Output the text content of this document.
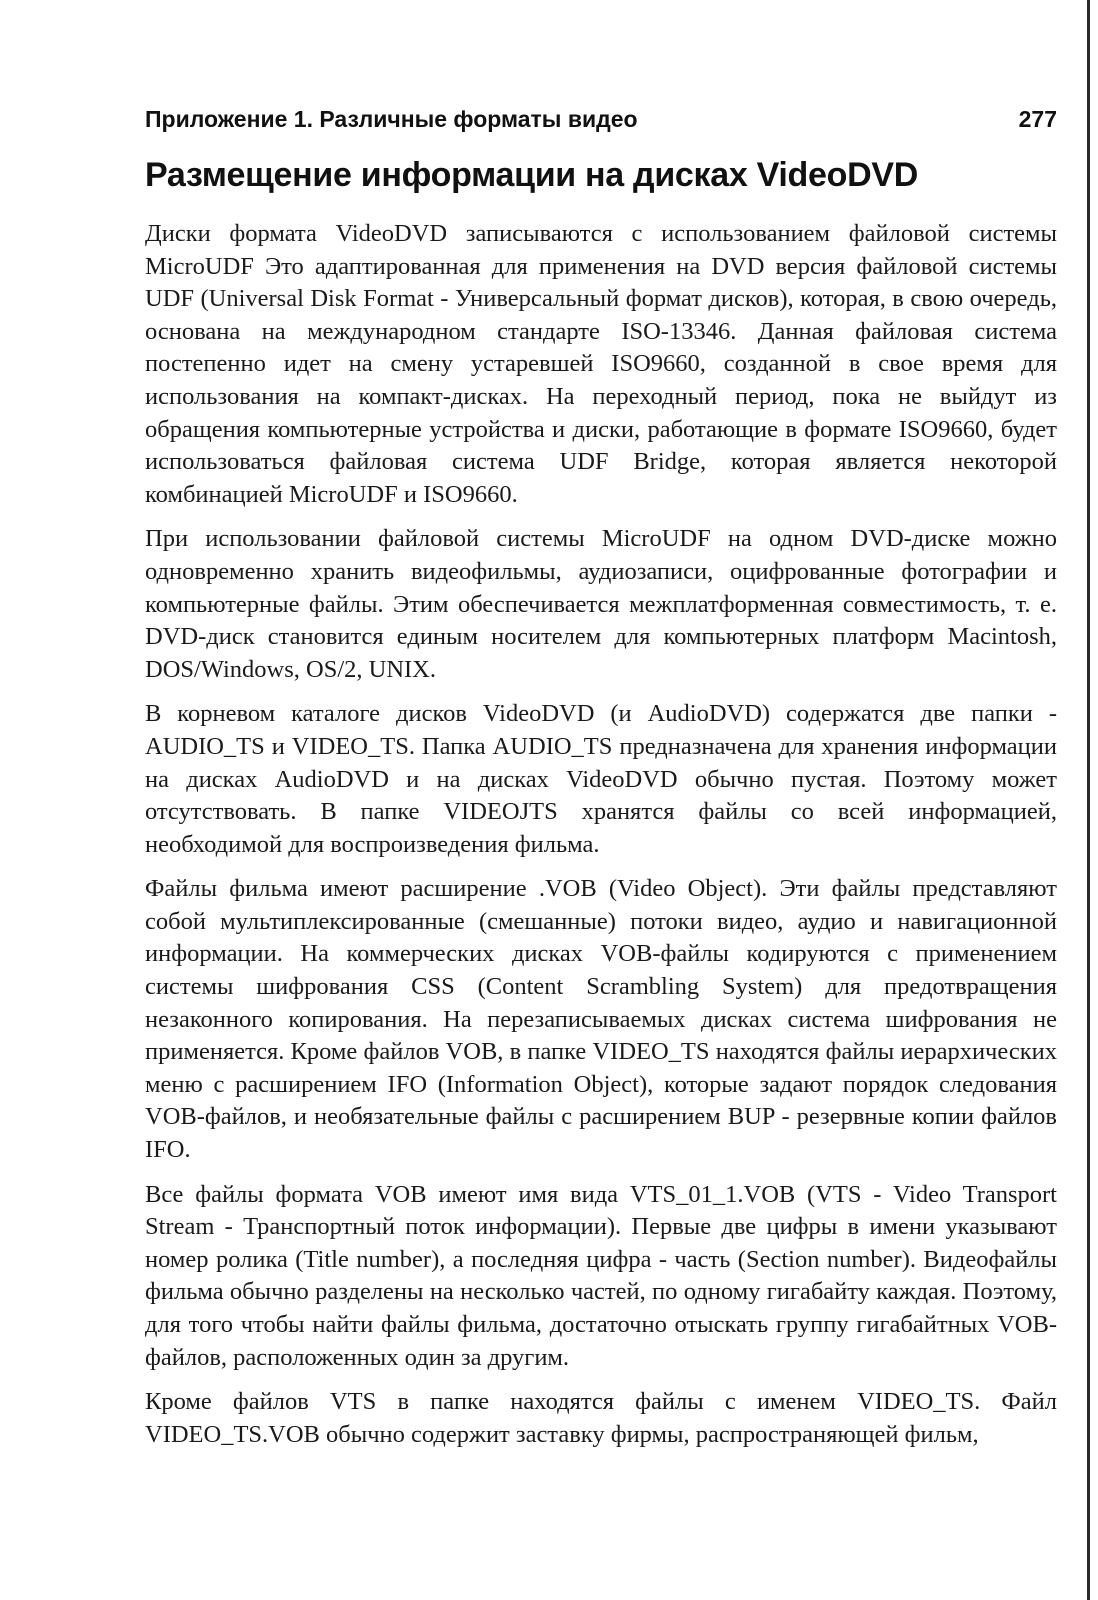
Приложение 1. Различные форматы видео	277
Размещение информации на дисках VideoDVD

Диски формата VideoDVD записываются с использованием файловой системы MicroUDF Это адаптированная для применения на DVD версия файловой системы UDF (Universal Disk Format - Универсальный формат дисков), которая, в свою очередь, основана на международном стандарте ISO-13346. Данная файловая система постепенно идет на смену устаревшей ISO9660, созданной в свое время для использования на компакт-дисках. На переходный период, пока не выйдут из обращения компьютерные устройства и диски, работающие в формате ISO9660, будет использоваться файловая система UDF Bridge, которая является некоторой комбинацией MicroUDF и ISO9660.

При использовании файловой системы MicroUDF на одном DVD-диске можно одновременно хранить видеофильмы, аудиозаписи, оцифрованные фотографии и компьютерные файлы. Этим обеспечивается межплатформенная совместимость, т. е. DVD-диск становится единым носителем для компьютерных платформ Macintosh, DOS/Windows, OS/2, UNIX.

В корневом каталоге дисков VideoDVD (и AudioDVD) содержатся две папки - AUDIO_TS и VIDEO_TS. Папка AUDIO_TS предназначена для хранения информации на дисках AudioDVD и на дисках VideoDVD обычно пустая. Поэтому может отсутствовать. В папке VIDEOJTS хранятся файлы со всей информацией, необходимой для воспроизведения фильма.

Файлы фильма имеют расширение .VOB (Video Object). Эти файлы представляют собой мультиплексированные (смешанные) потоки видео, аудио и навигационной информации. На коммерческих дисках VOB-файлы кодируются с применением системы шифрования CSS (Content Scrambling System) для предотвращения незаконного копирования. На перезаписываемых дисках система шифрования не применяется. Кроме файлов VOB, в папке VIDEO_TS находятся файлы иерархических меню с расширением IFO (Information Object), которые задают порядок следования VOB-файлов, и необязательные файлы с расширением BUP - резервные копии файлов IFO.

Все файлы формата VOB имеют имя вида VTS_01_1.VOB (VTS - Video Transport Stream - Транспортный поток информации). Первые две цифры в имени указывают номер ролика (Title number), а последняя цифра - часть (Section number). Видеофайлы фильма обычно разделены на несколько частей, по одному гигабайту каждая. Поэтому, для того чтобы найти файлы фильма, достаточно отыскать группу гигабайтных VOB-файлов, расположенных один за другим.

Кроме файлов VTS в папке находятся файлы с именем VIDEO_TS. Файл VIDEO_TS.VOB обычно содержит заставку фирмы, распространяющей фильм,
